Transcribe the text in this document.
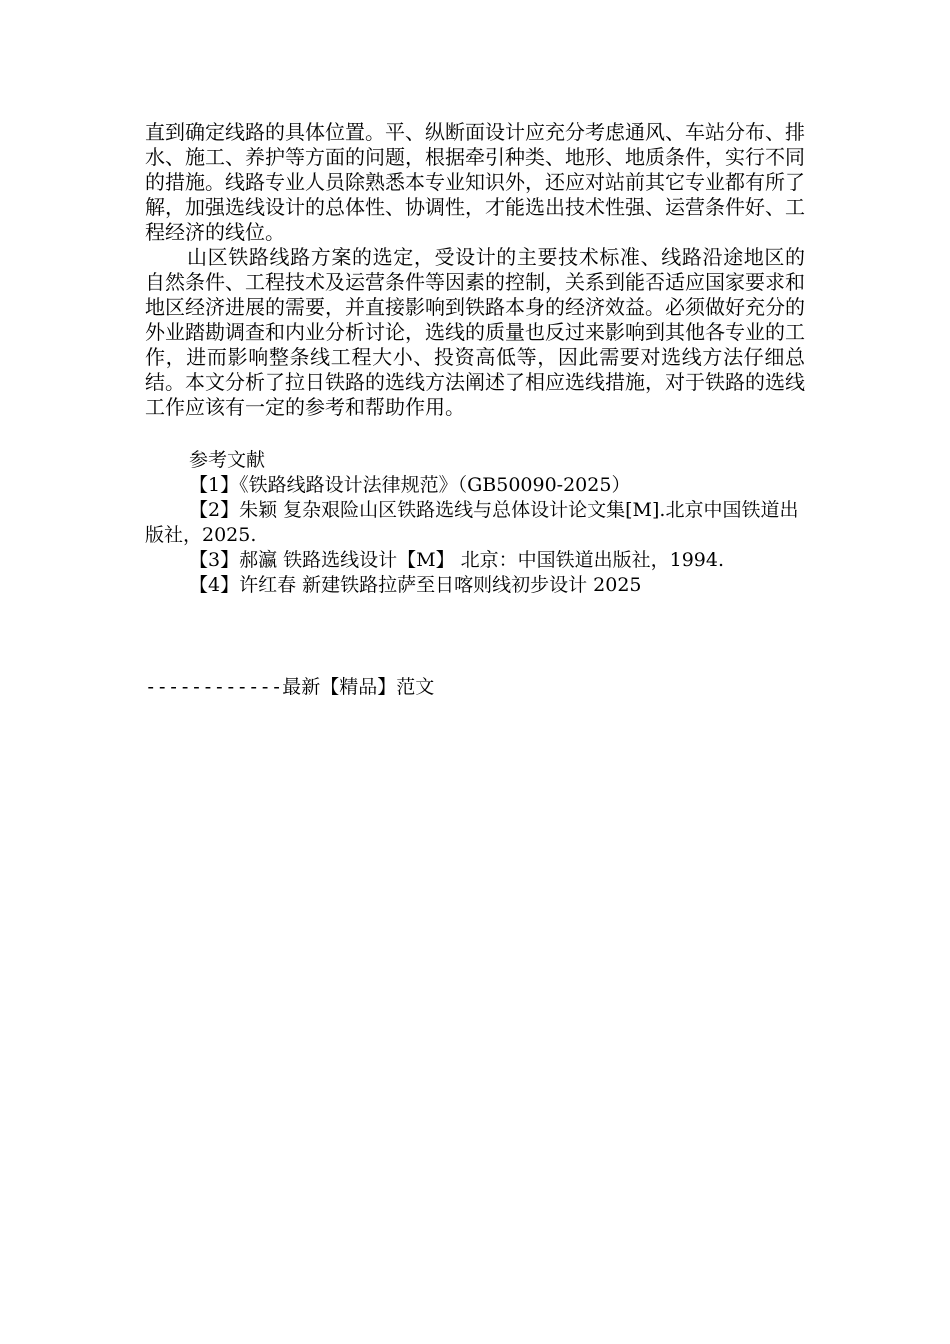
直到确定线路的具体位置。平、纵断面设计应充分考虑通风、车站分布、排水、施工、养护等方面的问题，根据牵引种类、地形、地质条件，实行不同的措施。线路专业人员除熟悉本专业知识外，还应对站前其它专业都有所了解，加强选线设计的总体性、协调性，才能选出技术性强、运营条件好、工程经济的线位。

山区铁路线路方案的选定，受设计的主要技术标准、线路沿途地区的自然条件、工程技术及运营条件等因素的控制，关系到能否适应国家要求和地区经济进展的需要，并直接影响到铁路本身的经济效益。必须做好充分的外业踏勘调查和内业分析讨论，选线的质量也反过来影响到其他各专业的工作，进而影响整条线工程大小、投资高低等，因此需要对选线方法仔细总结。本文分析了拉日铁路的选线方法阐述了相应选线措施，对于铁路的选线工作应该有一定的参考和帮助作用。

参考文献

【1】《铁路线路设计法律规范》（GB50090-2025）

【2】朱颖 复杂艰险山区铁路选线与总体设计论文集[M].北京中国铁道出版社，2025.

【3】郝瀛 铁路选线设计【M】 北京：中国铁道出版社，1994.

【4】许红春 新建铁路拉萨至日喀则线初步设计 2025

------------最新【精品】范文
